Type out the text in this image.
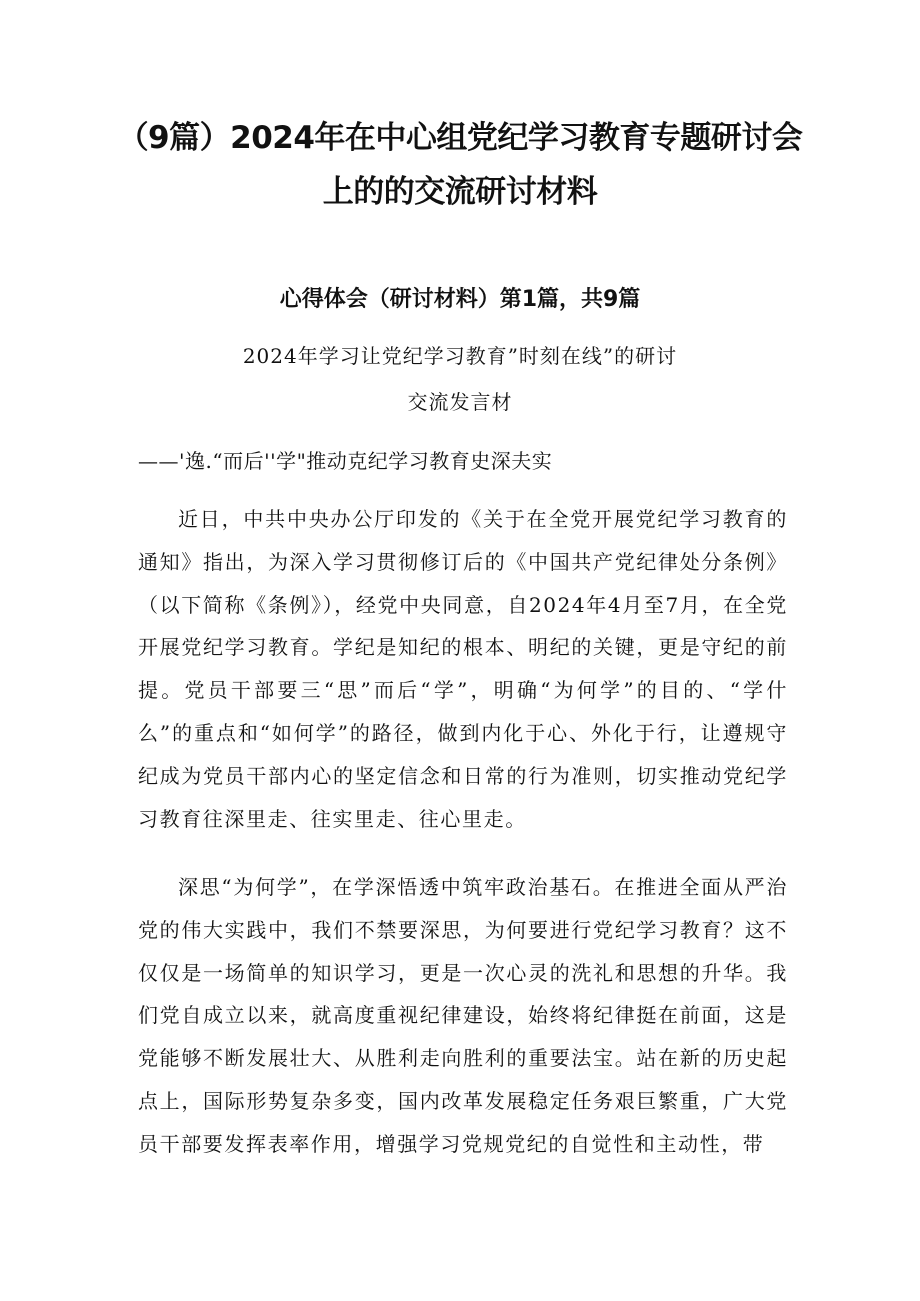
（9篇）2024年在中心组党纪学习教育专题研讨会
上的的交流研讨材料
心得体会（研讨材料）第1篇，共9篇
2024年学习让党纪学习教育”时刻在线”的研讨
交流发言材
——'逸.“而后''学"推动克纪学习教育史深夫实

近日，中共中央办公厅印发的《关于在全党开展党纪学习教育的通知》指出，为深入学习贯彻修订后的《中国共产党纪律处分条例》（以下简称《条例》），经党中央同意，自2024年4月至7月，在全党开展党纪学习教育。学纪是知纪的根本、明纪的关键，更是守纪的前提。党员干部要三“思”而后“学”，明确“为何学”的目的、“学什么”的重点和“如何学”的路径，做到内化于心、外化于行，让遵规守纪成为党员干部内心的坚定信念和日常的行为准则，切实推动党纪学习教育往深里走、往实里走、往心里走。

深思“为何学”，在学深悟透中筑牢政治基石。在推进全面从严治党的伟大实践中，我们不禁要深思，为何要进行党纪学习教育？这不仅仅是一场简单的知识学习，更是一次心灵的洗礼和思想的升华。我们党自成立以来，就高度重视纪律建设，始终将纪律挺在前面，这是党能够不断发展壮大、从胜利走向胜利的重要法宝。站在新的历史起点上，国际形势复杂多变，国内改革发展稳定任务艰巨繁重，广大党员干部要发挥表率作用，增强学习党规党纪的自觉性和主动性，带
